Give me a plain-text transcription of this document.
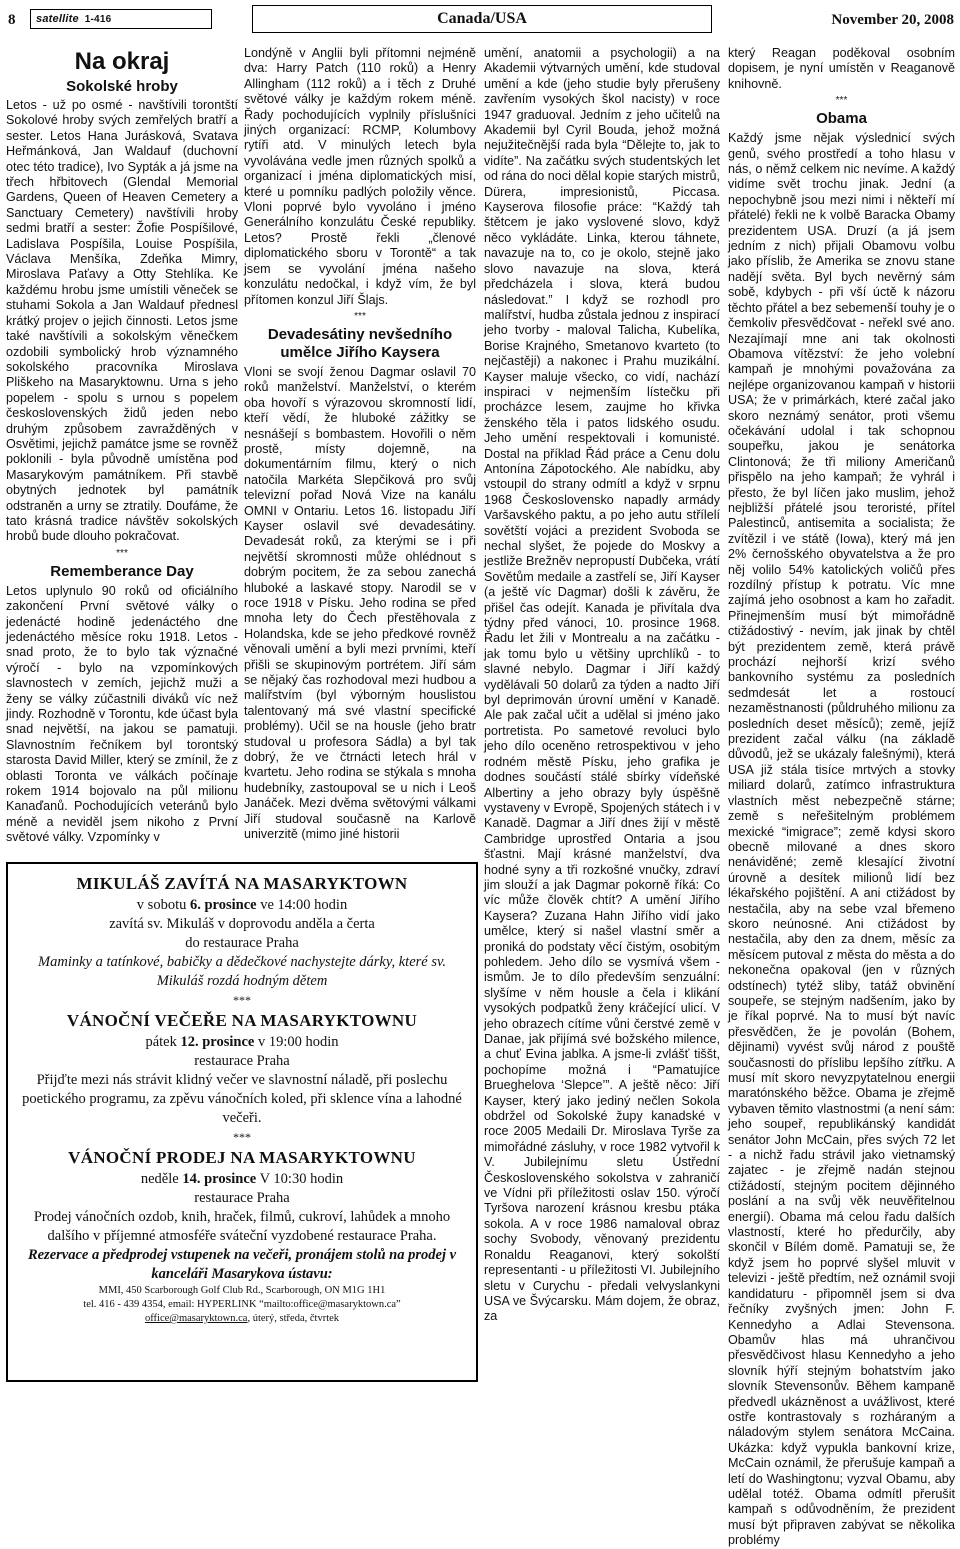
8 satellite 1-416	Canada/USA	November 20, 2008
Na okraj
Sokolské hroby

Letos - už po osmé - navštívili torontští Sokolové hroby svých zemřelých bratří a sester. Letos Hana Jurásková, Svatava Heřmánková, Jan Waldauf (duchovní otec této tradice), Ivo Sypták a já jsme na třech hřbitovech (Glendal Memorial Gardens, Queen of Heaven Cemetery a Sanctuary Cemetery) navštívili hroby sedmi bratří a sester: Žofie Pospíšilové, Ladislava Pospíšila, Louise Pospíšila, Václava Menšíka, Zdeňka Mimry, Miroslava Paťavy a Otty Stehlíka. Ke každému hrobu jsme umístili věneček se stuhami Sokola a Jan Waldauf přednesl krátký projev o jejich činnosti. Letos jsme také navštívili a sokolským věnečkem ozdobili symbolický hrob významného sokolského pracovníka Miroslava Pliškeho na Masaryktownu. Urna s jeho popelem - spolu s urnou s popelem československých židů jeden nebo druhým způsobem zavražděných v Osvětimi, jejichž památce jsme se rovněž poklonili - byla původně umístěna pod Masarykovým památníkem. Při stavbě obytných jednotek byl památník odstraněn a urny se ztratily. Doufáme, že tato krásná tradice návštěv sokolských hrobů bude dlouho pokračovat.

***
Rememberance Day

Letos uplynulo 90 roků od oficiálního zakončení První světové války o jedenácté hodině jedenáctého dne jedenáctého měsíce roku 1918. Letos - snad proto, že to bylo tak význačné výročí - bylo na vzpomínkových slavnostech v zemích, jejichž muži a ženy se války zúčastnili diváků víc než jindy. Rozhodně v Torontu, kde účast byla snad největší, na jakou se pamatuji. Slavnostním řečníkem byl torontský starosta David Miller, který se zmínil, že z oblasti Toronta ve válkách počínaje rokem 1914 bojovalo na půl milionu Kanaďanů. Pochodujících veteránů bylo méně a neviděl jsem nikoho z První světové války. Vzpomínky v

Londýně v Anglii byli přítomni nejméně dva: Harry Patch (110 roků) a Henry Allingham (112 roků) a i těch z Druhé světové války je každým rokem méně. Řady pochodujících vyplnily příslušníci jiných organizací: RCMP, Kolumbovy rytíři atd. V minulých letech byla vyvolávána vedle jmen různých spolků a organizací i jména diplomatických misí, které u pomníku padlých položily věnce. Vloni poprvé bylo vyvoláno i jméno Generálního konzulátu České republiky. Letos? Prostě řekli „členové diplomatického sboru v Torontě“ a tak jsem se vyvolání jména našeho konzulátu nedočkal, i když vím, že byl přítomen konzul Jiří Šlajs.

***
Devadesátiny nevšedního umělce Jiřího Kaysera

Vloni se svojí ženou Dagmar oslavil 70 roků manželství. Manželství, o kterém oba hovoří s výrazovou skromností lidí, kteří vědí, že hluboké zážitky se nesnášejí s bombastem. Hovořili o něm prostě, místy dojemně, na dokumentárním filmu, který o nich natočila Markéta Slepčiková pro svůj televizní pořad Nová Vize na kanálu OMNI v Ontariu. Letos 16. listopadu Jiří Kayser oslavil své devadesátiny. Devadesát roků, za kterými se i při největší skromnosti může ohlédnout s dobrým pocitem, že za sebou zanechá hluboké a laskavé stopy. Narodil se v roce 1918 v Písku. Jeho rodina se před mnoha lety do Čech přestěhovala z Holandska, kde se jeho předkové rovněž věnovali umění a byli mezi prvními, kteří přišli se skupinovým portrétem. Jiří sám se nějaký čas rozhodoval mezi hudbou a malířstvím (byl výborným houslistou talentovaný má své vlastní specifické problémy). Učil se na housle (jeho bratr studoval u profesora Sádla) a byl tak dobrý, že ve čtrnácti letech hrál v kvartetu. Jeho rodina se stýkala s mnoha hudebníky, zastoupoval se u nich i Leoš Janáček. Mezi dvěma světovými válkami Jiří studoval současně na Karlově univerzitě (mimo jiné historii

umění, anatomii a psychologii) a na Akademii výtvarných umění, kde studoval umění a kde (jeho studie byly přerušeny zavřením vysokých škol nacisty) v roce 1947 graduoval. Jedním z jeho učitelů na Akademii byl Cyril Bouda, jehož možná nejužitečnější rada byla “Dělejte to, jak to vidíte”. Na začátku svých studentských let od rána do noci dělal kopie starých mistrů, Dürera, impresionistů, Piccasa. Kayserova filosofie práce: “Každý tah štětcem je jako vyslovené slovo, když něco vykládáte. Linka, kterou táhnete, navazuje na to, co je okolo, stejně jako slovo navazuje na slova, která předcházela i slova, která budou následovat.” I když se rozhodl pro malířství, hudba zůstala jednou z inspirací jeho tvorby - maloval Talicha, Kubelíka, Borise Krajného, Smetanovo kvarteto (to nejčastěji) a nakonec i Prahu muzikální. Kayser maluje všecko, co vidí, nachází inspiraci v nejmenším lístečku při procházce lesem, zaujme ho křivka ženského těla i patos lidského osudu. Jeho umění respektovali i komunisté. Dostal na příklad Řád práce a Cenu dolu Antonína Zápotockého. Ale nabídku, aby vstoupil do strany odmítl a když v srpnu 1968 Československo napadly armády Varšavského paktu, a po jeho autu střílelí sovětští vojáci a prezident Svoboda se nechal slyšet, že pojede do Moskvy a jestliže Brežněv nepropustí Dubčeka, vrátí Sovětům medaile a zastřelí se, Jiří Kayser (a ještě víc Dagmar) došli k závěru, že přišel čas odejít. Kanada je přivítala dva týdny před vánoci, 10. prosince 1968. Řadu let žili v Montrealu a na začátku - jak tomu bylo u většiny uprchlíků - to slavné nebylo. Dagmar i Jiří každý vydělávali 50 dolarů za týden a nadto Jiří byl deprimován úrovní umění v Kanadě. Ale pak začal učit a udělal si jméno jako portretista. Po sametové revoluci bylo jeho dílo oceněno retrospektivou v jeho rodném městě Písku, jeho grafika je dodnes součástí stálé sbírky vídeňské Albertiny a jeho obrazy byly úspěšně vystaveny v Evropě, Spojených státech i v Kanadě. Dagmar a Jiří dnes žijí v městě Cambridge uprostřed Ontaria a jsou šťastni. Mají krásné manželství, dva hodné syny a tři rozkošné vnučky, zdraví jim slouží a jak Dagmar pokorně říká: Co víc může člověk chtít? A umění Jiřího Kaysera? Zuzana Hahn Jiřího vidí jako umělce, který si našel vlastní směr a proniká do podstaty věcí čistým, osobitým pohledem. Jeho dílo se vysmívá všem -ismům. Je to dílo především senzuální: slyšíme v něm housle a čela i klikání vysokých podpatků ženy kráčející ulicí. V jeho obrazech cítíme vůni čerstvé země v Danae, jak přijímá své božského milence, a chuť Evina jablka. A jsme-li zvlášť tiššt, pochopíme možná i “Pamatujíce Brueghelova ‘Slepce’”. A ještě něco: Jiří Kayser, který jako jediný nečlen Sokola obdržel od Sokolské župy kanadské v roce 2005 Medaili Dr. Miroslava Tyrše za mimořádné zásluhy, v roce 1982 vytvořil k V. Jubilejnímu sletu Ústřední Československého sokolstva v zahraničí ve Vídni při příležitosti oslav 150. výročí Tyršova narození krásnou kresbu ptáka sokola. A v roce 1986 namaloval obraz sochy Svobody, věnovaný prezidentu Ronaldu Reaganovi, který sokolští representanti - u příležitosti VI. Jubilejního sletu v Curychu - předali velvyslankyni USA ve Švýcarsku. Mám dojem, že obraz, za

který Reagan poděkoval osobním dopisem, je nyní umístěn v Reaganově knihovně.

***
Obama

Každý jsme nějak výslednicí svých genů, svého prostředí a toho hlasu v nás, o němž celkem nic nevíme. A každý vidíme svět trochu jinak. Jední (a nepochybně jsou mezi nimi i někteří mí přátelé) řekli ne k volbě Baracka Obamy prezidentem USA. Druzí (a já jsem jedním z nich) přijali Obamovu volbu jako příslib, že Amerika se znovu stane nadějí světa. Byl bych nevěrný sám sobě, kdybych - při vší úctě k názoru těchto přátel a bez sebemenší touhy je o čemkoliv přesvědčovat - neřekl své ano. Nezajímají mne ani tak okolnosti Obamova vítězství: že jeho volební kampaň je mnohými považována za nejlépe organizovanou kampaň v historii USA; že v primárkách, které začal jako skoro neznámý senátor, proti všemu očekávání udolal i tak schopnou soupeřku, jakou je senátorka Clintonová; že tři miliony Američanů přispělo na jeho kampaň; že vyhrál i přesto, že byl líčen jako muslim, jehož nejbližší přátelé jsou teroristé, přítel Palestinců, antisemita a socialista; že zvítězil i ve státě (Iowa), který má jen 2% černošského obyvatelstva a že pro něj volilo 54% katolických voličů přes rozdílný přístup k potratu. Víc mne zajímá jeho osobnost a kam ho zařadit. Přinejmenším musí být mimořádně ctižádostivý - nevím, jak jinak by chtěl být prezidentem země, která právě prochází nejhorší krizí svého bankovního systému za posledních sedmdesát let a rostoucí nezaměstnanosti (půldruhého milionu za posledních deset měsíců); země, jejíž prezident začal válku (na základě důvodů, jež se ukázaly falešnými), která USA již stála tisíce mrtvých a stovky miliard dolarů, zatímco infrastruktura vlastních měst nebezpečně stárne; země s neřešitelným problémem mexické “imigrace”; země kdysi skoro obecně milované a dnes skoro nenáviděné; země klesající životní úrovně a desítek milionů lidí bez lékařského pojištění. A ani ctižádost by nestačila, aby na sebe vzal břemeno skoro neúnosné. Ani ctižádost by nestačila, aby den za dnem, měsíc za měsícem putoval z města do města a do nekonečna opakoval (jen v různých odstínech) tytéž sliby, tatáž obvinění soupeře, se stejným nadšením, jako by je říkal poprvé. Na to musí být navíc přesvědčen, že je povolán (Bohem, dějinami) vyvést svůj národ z pouště současnosti do příslibu lepšího zítřku. A musí mít skoro nevyzpytatelnou energii maratónského běžce. Obama je zřejmě vybaven těmito vlastnostmi (a není sám: jeho soupeř, republikánský kandidát senátor John McCain, přes svých 72 let - a nichž řadu strávil jako vietnamský zajatec - je zřejmě nadán stejnou ctižádostí, stejným pocitem dějinného poslání a na svůj věk neuvěřitelnou energií). Obama má celou řadu dalších vlastností, které ho předurčily, aby skončil v Bílém domě. Pamatuji se, že když jsem ho poprvé slyšel mluvit v televizi - ještě předtím, než oznámil svoji kandidaturu - připomněl jsem si dva řečníky zvyšných jmen: John F. Kennedyho a Adlai Stevensona. Obamův hlas má uhrančivou přesvědčivost hlasu Kennedyho a jeho slovník hýří stejným bohatstvím jako slovník Stevensonův. Během kampaně předvedl ukázněnost a uvážlivost, které ostře kontrastovaly s rozhárаným a náladovým stylem senátora McCaina. Ukázka: když vypukla bankovní krize, McCain oznámil, že přerušuje kampaň a letí do Washingtonu; vyzval Obamu, aby udělal totéž. Obama odmítl přerušit kampaň s odůvodněním, že prezident musí být připraven zabývat se několika problémy

MIKULÁŠ ZAVÍTÁ NA MASARYKTOWN
v sobotu 6. prosince ve 14:00 hodin
zavítá sv. Mikuláš v doprovodu anděla a čerta
do restaurace Praha
Maminky a tatínkové, babičky a dědečkové nachystejte dárky, které sv. Mikuláš rozdá hodným dětem
***
VÁNOČNÍ VEČEŘE NA MASARYKTOWNU
pátek 12. prosince v 19:00 hodin
restaurace Praha
Přijďte mezi nás strávit klidný večer ve slavnostní náladě, při poslechu poetického programu, za zpěvu vánočních koled, při sklence vína a lahodné večeři.
***
VÁNOČNÍ PRODEJ NA MASARYKTOWNU
neděle 14. prosince V 10:30 hodin
restaurace Praha
Prodej vánočních ozdob, knih, hraček, filmů, cukroví, lahůdek a mnoho dalšího v příjemné atmosféře sváteční vyzdobené restaurace Praha.
Rezervace a předprodej vstupenek na večeři, pronájem stolů na prodej v kanceláři Masarykova ústavu:
MMI, 450 Scarborough Golf Club Rd., Scarborough, ON M1G 1H1
tel. 416 - 439 4354, email: HYPERLINK “mailto:office@masaryktown.ca”
office@masaryktown.ca, úterý, středa, čtvrtek
